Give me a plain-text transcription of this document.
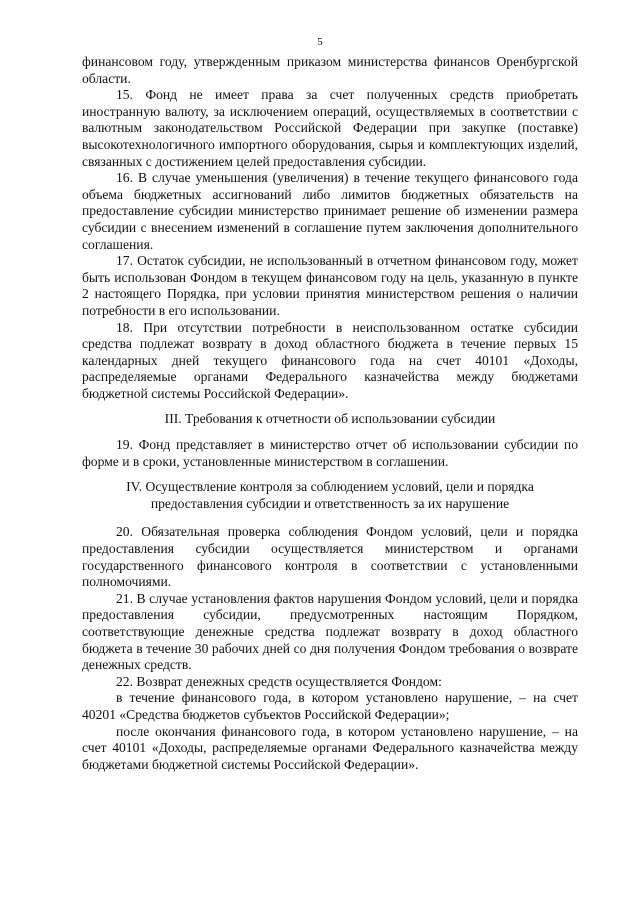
5

финансовом году, утвержденным приказом министерства финансов Оренбургской области.

15. Фонд не имеет права за счет полученных средств приобретать иностранную валюту, за исключением операций, осуществляемых в соответствии с валютным законодательством Российской Федерации при закупке (поставке) высокотехнологичного импортного оборудования, сырья и комплектующих изделий, связанных с достижением целей предоставления субсидии.

16. В случае уменьшения (увеличения) в течение текущего финансового года объема бюджетных ассигнований либо лимитов бюджетных обязательств на предоставление субсидии министерство принимает решение об изменении размера субсидии с внесением изменений в соглашение путем заключения дополнительного соглашения.

17. Остаток субсидии, не использованный в отчетном финансовом году, может быть использован Фондом в текущем финансовом году на цель, указанную в пункте 2 настоящего Порядка, при условии принятия министерством решения о наличии потребности в его использовании.

18. При отсутствии потребности в неиспользованном остатке субсидии средства подлежат возврату в доход областного бюджета в течение первых 15 календарных дней текущего финансового года на счет 40101 «Доходы, распределяемые органами Федерального казначейства между бюджетами бюджетной системы Российской Федерации».

III. Требования к отчетности об использовании субсидии

19. Фонд представляет в министерство отчет об использовании субсидии по форме и в сроки, установленные министерством в соглашении.

IV. Осуществление контроля за соблюдением условий, цели и порядка

предоставления субсидии и ответственность за их нарушение

20. Обязательная проверка соблюдения Фондом условий, цели и порядка предоставления субсидии осуществляется министерством и органами государственного финансового контроля в соответствии с установленными полномочиями.

21. В случае установления фактов нарушения Фондом условий, цели и порядка предоставления субсидии, предусмотренных настоящим Порядком, соответствующие денежные средства подлежат возврату в доход областного бюджета в течение 30 рабочих дней со дня получения Фондом требования о возврате денежных средств.

22. Возврат денежных средств осуществляется Фондом:

в течение финансового года, в котором установлено нарушение, – на счет 40201 «Средства бюджетов субъектов Российской Федерации»;

после окончания финансового года, в котором установлено нарушение, – на счет 40101 «Доходы, распределяемые органами Федерального казначейства между бюджетами бюджетной системы Российской Федерации».
